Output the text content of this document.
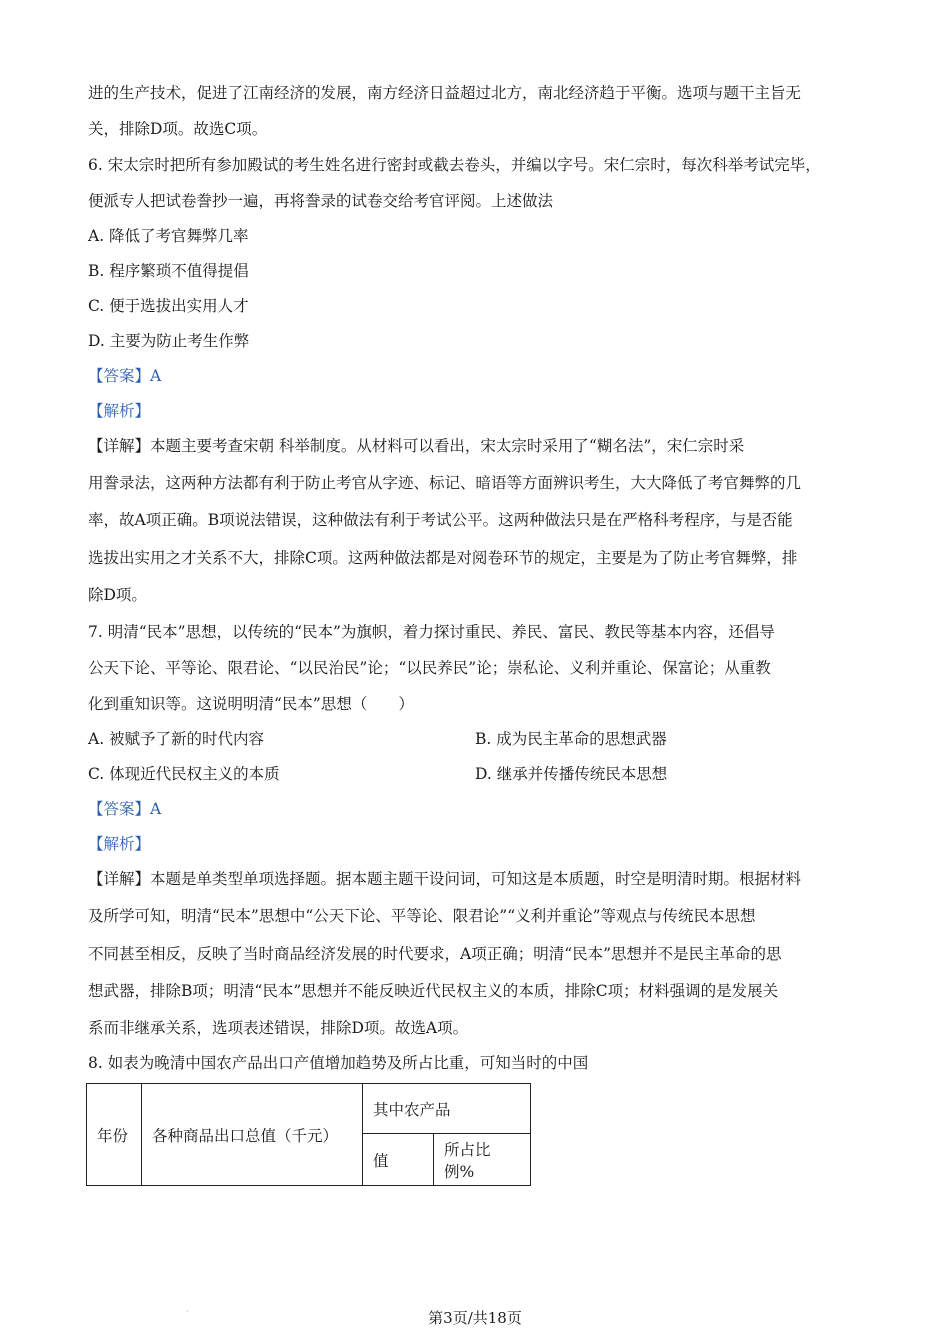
进的生产技术，促进了江南经济的发展，南方经济日益超过北方，南北经济趋于平衡。选项与题干主旨无
关，排除D项。故选C项。
6. 宋太宗时把所有参加殿试的考生姓名进行密封或截去卷头，并编以字号。宋仁宗时，每次科举考试完毕，
便派专人把试卷誊抄一遍，再将誊录的试卷交给考官评阅。上述做法
A. 降低了考官舞弊几率
B. 程序繁琐不值得提倡
C. 便于选拔出实用人才
D. 主要为防止考生作弊
【答案】A
【解析】
【详解】本题主要考查宋朝 科举制度。从材料可以看出，宋太宗时采用了“糊名法”，宋仁宗时采
用誊录法，这两种方法都有利于防止考官从字迹、标记、暗语等方面辨识考生，大大降低了考官舞弊的几
率，故A项正确。B项说法错误，这种做法有利于考试公平。这两种做法只是在严格科考程序，与是否能
选拔出实用之才关系不大，排除C项。这两种做法都是对阅卷环节的规定，主要是为了防止考官舞弊，排
除D项。
7. 明清“民本”思想，以传统的“民本”为旗帜，着力探讨重民、养民、富民、教民等基本内容，还倡导
公天下论、平等论、限君论、“以民治民”论；“以民养民”论；崇私论、义利并重论、保富论；从重教
化到重知识等。这说明明清“民本”思想（　　）
A. 被赋予了新的时代内容	B. 成为民主革命的思想武器
C. 体现近代民权主义的本质	D. 继承并传播传统民本思想
【答案】A
【解析】
【详解】本题是单类型单项选择题。据本题主题干设问词，可知这是本质题，时空是明清时期。根据材料
及所学可知，明清“民本”思想中“公天下论、平等论、限君论”“义利并重论”等观点与传统民本思想
不同甚至相反，反映了当时商品经济发展的时代要求，A项正确；明清“民本”思想并不是民主革命的思
想武器，排除B项；明清“民本”思想并不能反映近代民权主义的本质，排除C项；材料强调的是发展关
系而非继承关系，选项表述错误，排除D项。故选A项。
8. 如表为晚清中国农产品出口产值增加趋势及所占比重，可知当时的中国
年份	各种商品出口总值（千元）	其中农产品	
		值	所占比例%
·	第3页/共18页
